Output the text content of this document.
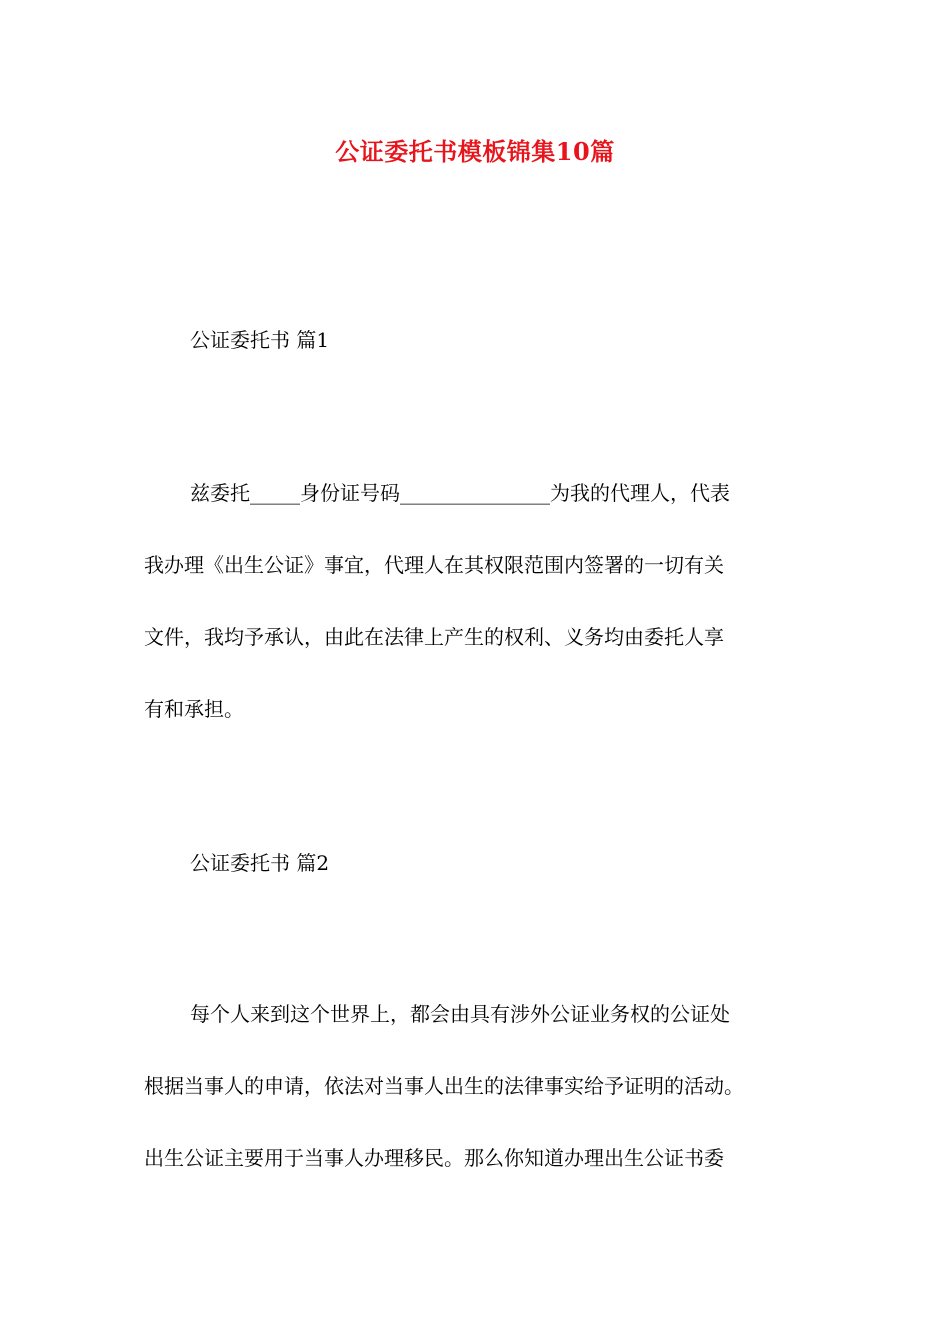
公证委托书模板锦集10篇
公证委托书 篇1
兹委托_____身份证号码_______________为我的代理人，代表
我办理《出生公证》事宜，代理人在其权限范围内签署的一切有关
文件，我均予承认，由此在法律上产生的权利、义务均由委托人享
有和承担。
公证委托书 篇2
每个人来到这个世界上，都会由具有涉外公证业务权的公证处
根据当事人的申请，依法对当事人出生的法律事实给予证明的活动。
出生公证主要用于当事人办理移民。那么你知道办理出生公证书委
